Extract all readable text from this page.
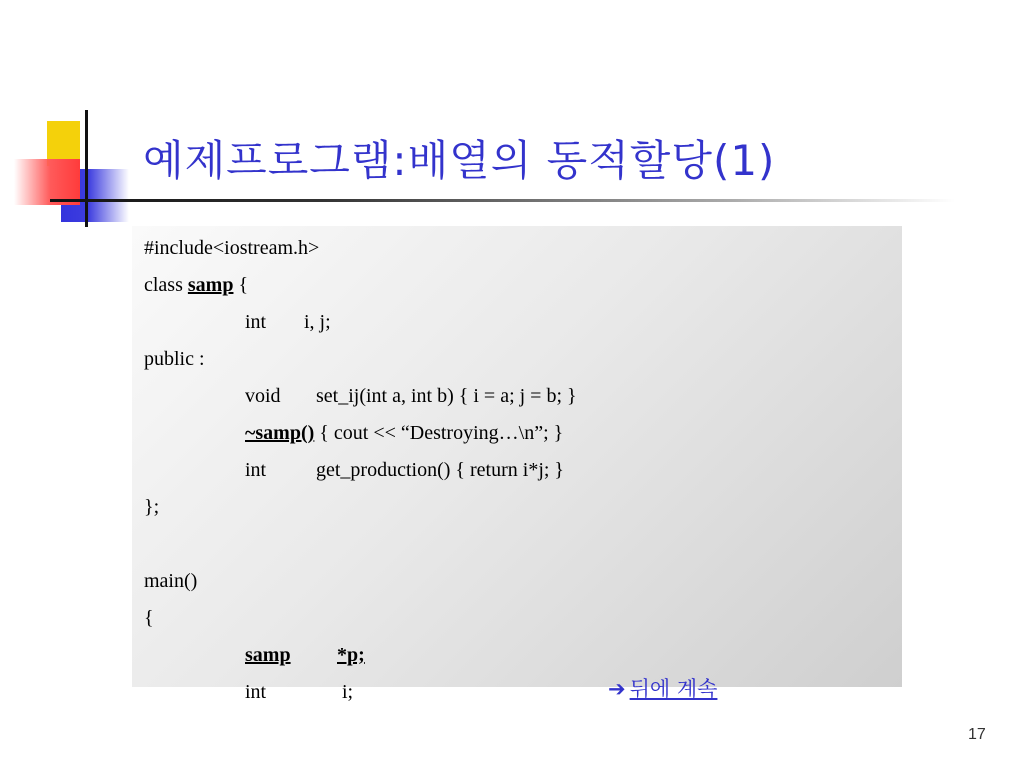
예제프로그램:배열의 동적할당(1)
#include<iostream.h>
class samp {
int i, j;
public :
void set_ij(int a, int b) { i = a; j = b; }
~samp() { cout << “Destroying…\n”; }
int get_production() { return i*j; }
};
main()
{
samp *p;
int	i;	➔ 뒤에 계속
17
